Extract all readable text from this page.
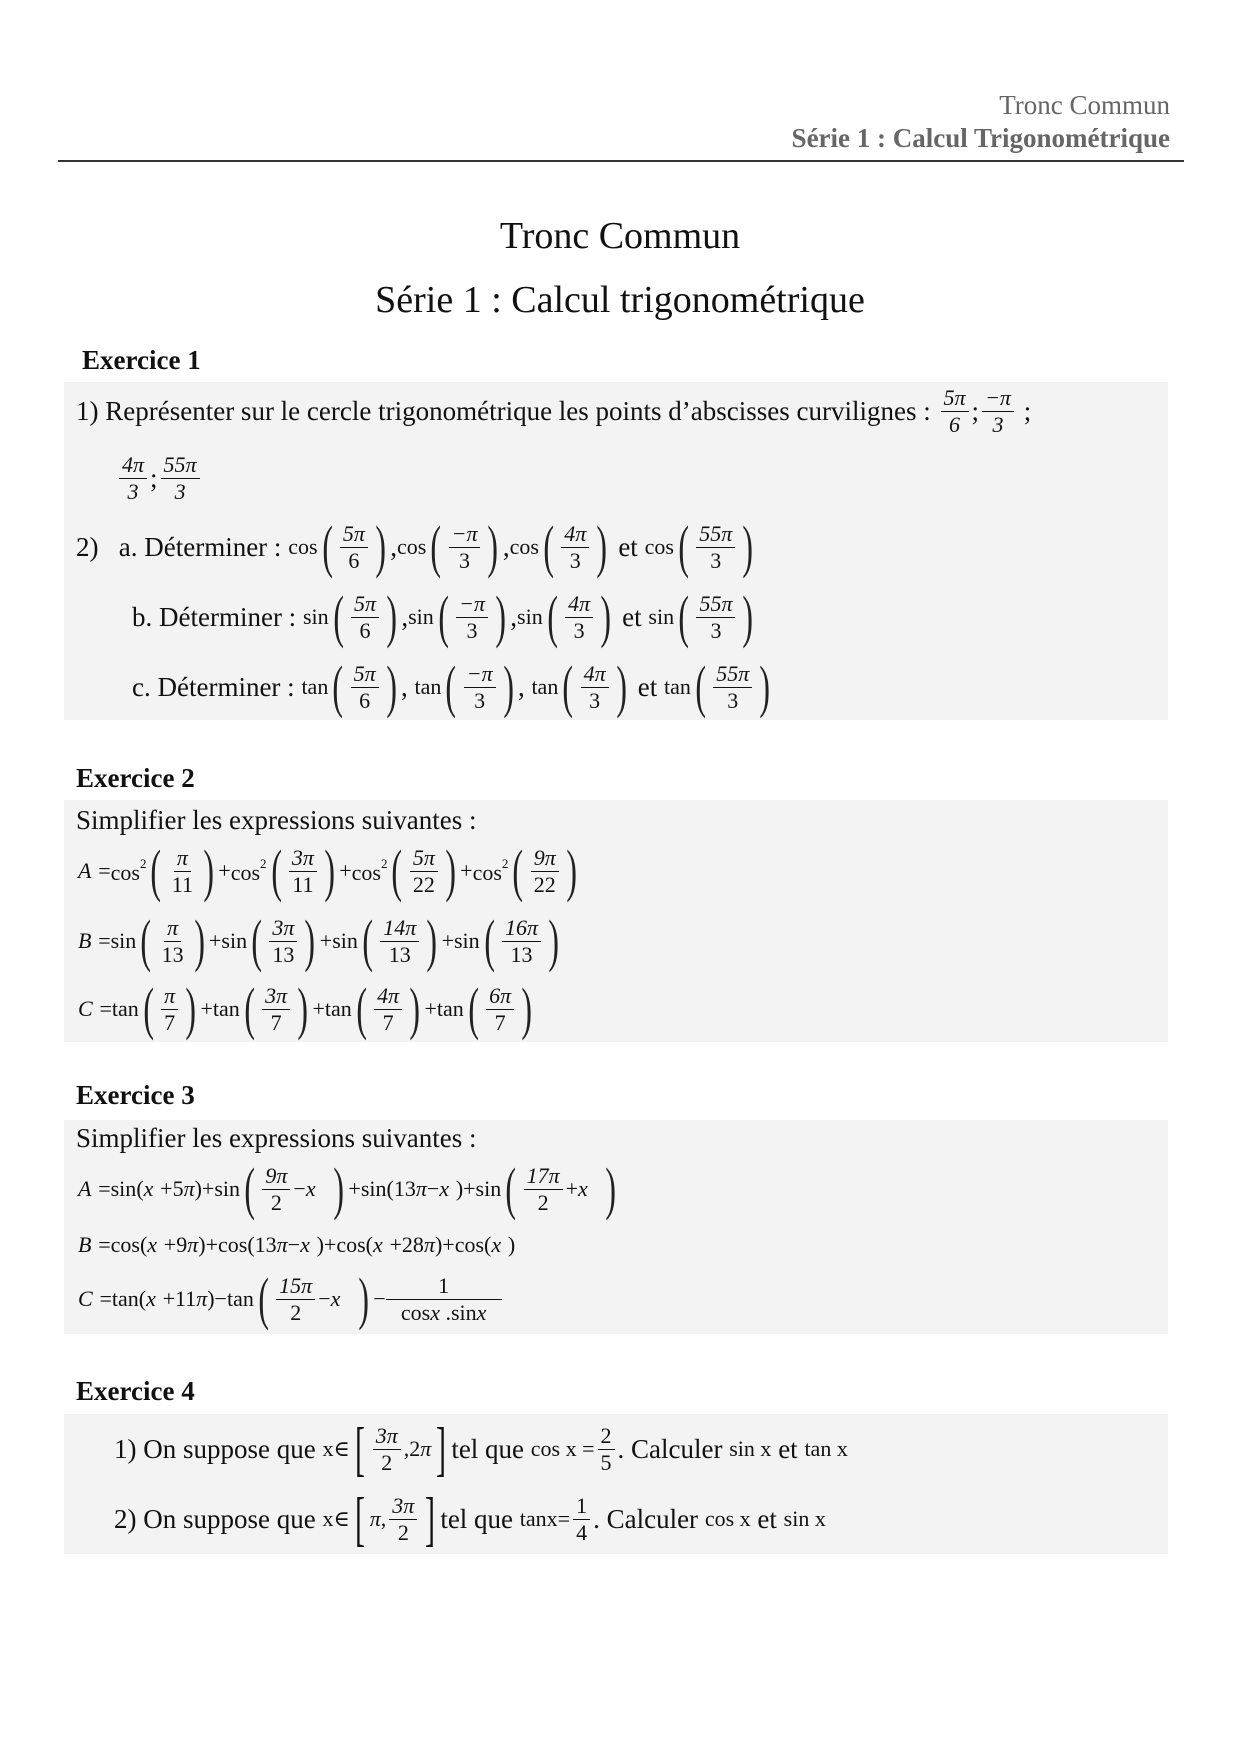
Tronc Commun
Série 1 : Calcul Trigonométrique
Tronc Commun
Série 1 : Calcul trigonométrique
Exercice 1
1)
Représenter sur le cercle trigonométrique les points d’abscisses curvilignes :
$\frac{5\pi}{6}$ ; $\frac{-\pi}{3}$
;
$\frac{4\pi}{3}$ ; $\frac{55\pi}{3}$
2)
a. Déterminer :
cos ( $\frac{5\pi}{6}$ ) , cos ( $\frac{-\pi}{3}$ ) , cos ( $\frac{4\pi}{3}$ )
et
cos ( $\frac{55\pi}{3}$ )
b. Déterminer :
sin ( $\frac{5\pi}{6}$ ) , sin ( $\frac{-\pi}{3}$ ) , sin ( $\frac{4\pi}{3}$ )
et
sin ( $\frac{55\pi}{3}$ )
c. Déterminer :
tan ( $\frac{5\pi}{6}$ ) , tan ( $\frac{-\pi}{3}$ ) , tan ( $\frac{4\pi}{3}$ )
et
tan ( $\frac{55\pi}{3}$ )
Exercice 2
Simplifier les expressions suivantes :
A
= $\cos^2$ ( $\frac{\pi}{11}$ ) + $\cos^2$ ( $\frac{3\pi}{11}$ ) + $\cos^2$ ( $\frac{5\pi}{22}$ ) + $\cos^2$ ( $\frac{9\pi}{22}$ )
B
= sin ( $\frac{\pi}{13}$ ) + sin ( $\frac{3\pi}{13}$ ) + sin ( $\frac{14\pi}{13}$ ) + sin ( $\frac{16\pi}{13}$ )
C
= tan ( $\frac{\pi}{7}$ ) + tan ( $\frac{3\pi}{7}$ ) + tan ( $\frac{4\pi}{7}$ ) + tan ( $\frac{6\pi}{7}$ )
Exercice 3
Simplifier les expressions suivantes :
A
= sin ( x
+5 π )+ sin ( $\frac{9\pi}{2} - x$
) + sin (13 π − x
)+ sin ( $\frac{17\pi}{2} + x$
)
B
= cos ( x
+9 π )+ cos (13 π − x
)+ cos ( x
+28 π )+ cos ( x
)
C
= tan ( x
+11 π )− tan ( $\frac{15\pi}{2} - x$
) − $\frac{1}{\cos x .\sin x}$
Exercice 4
1)
On suppose que
x∈ [ $\frac{3\pi}{2} ,2$ π ] tel que
$\cos x = \frac{2}{5}$ . Calculer
sin x
et
tan x
2)
On suppose que
x∈ [ π , $\frac{3\pi}{2}$ ] tel que
$\tan x= \frac{1}{4}$ . Calculer
cos x
et
sin x
